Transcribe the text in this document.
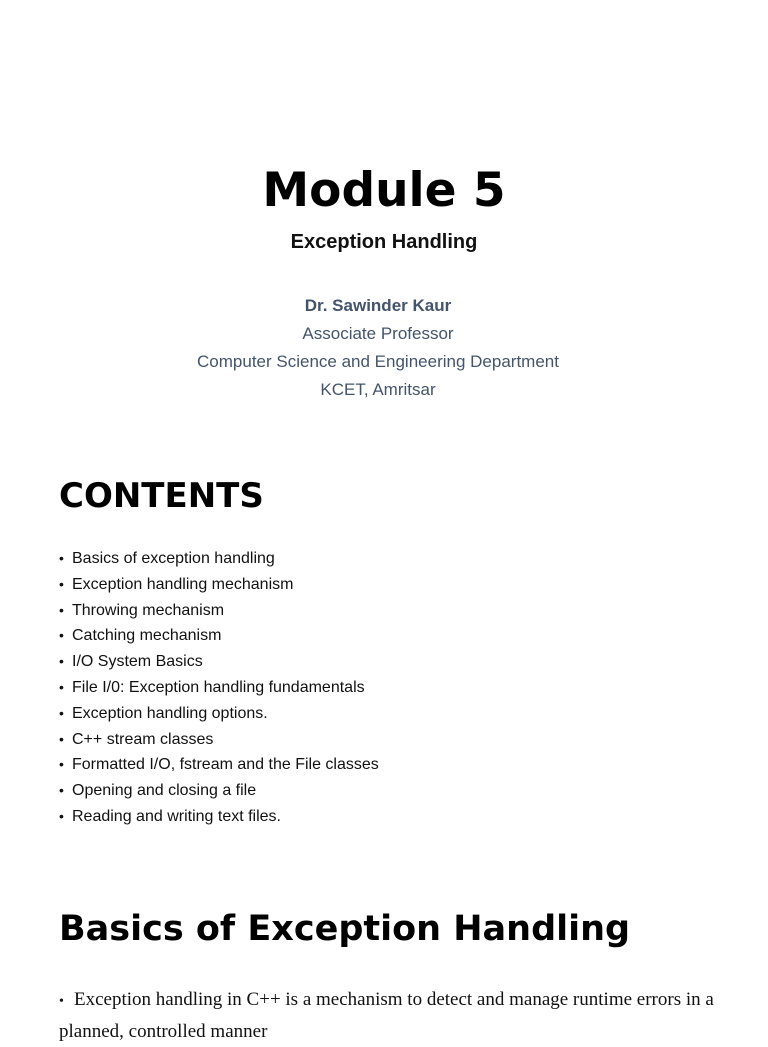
Module 5
Exception Handling
Dr. Sawinder Kaur
Associate Professor
Computer Science and Engineering Department
KCET, Amritsar
CONTENTS
• Basics of exception handling
• Exception handling mechanism
• Throwing mechanism
• Catching mechanism
• I/O System Basics
• File I/0: Exception handling fundamentals
• Exception handling options.
• C++ stream classes
• Formatted I/O, fstream and the File classes
• Opening and closing a file
• Reading and writing text files.
Basics of Exception Handling

• Exception handling in C++ is a mechanism to detect and manage runtime errors in a planned, controlled manner
